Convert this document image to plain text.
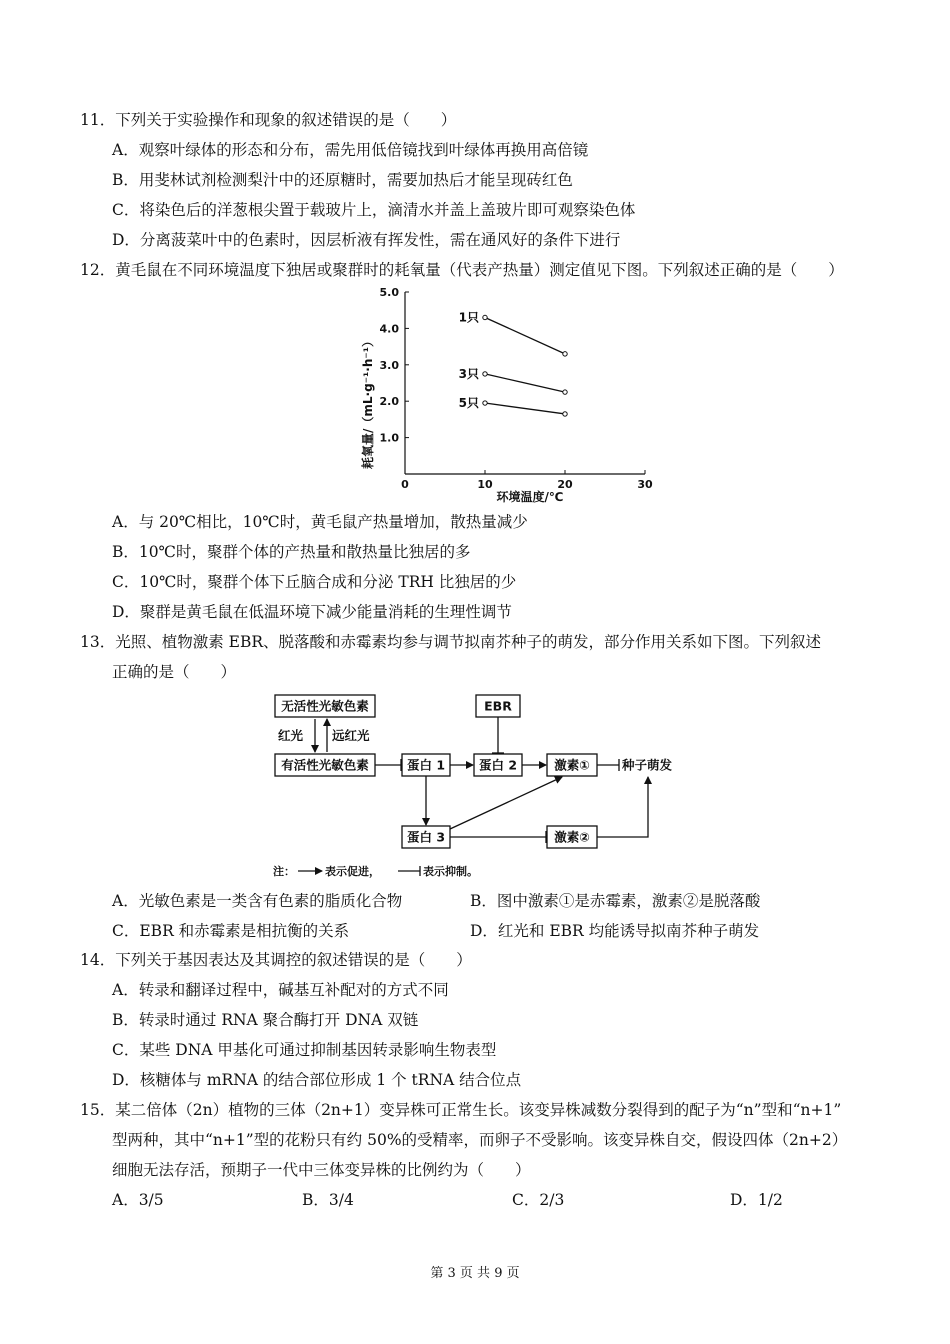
11．下列关于实验操作和现象的叙述错误的是（　　）
A．观察叶绿体的形态和分布，需先用低倍镜找到叶绿体再换用高倍镜
B．用斐林试剂检测梨汁中的还原糖时，需要加热后才能呈现砖红色
C．将染色后的洋葱根尖置于载玻片上，滴清水并盖上盖玻片即可观察染色体
D．分离菠菜叶中的色素时，因层析液有挥发性，需在通风好的条件下进行
12．黄毛鼠在不同环境温度下独居或聚群时的耗氧量（代表产热量）测定值见下图。下列叙述正确的是（　　）
1.0
2.0
3.0
4.0
5.0
0	10	20	30
1只
3只
5只
耗氧量/（mL·g⁻¹·h⁻¹）
环境温度/℃
A．与 20℃相比，10℃时，黄毛鼠产热量增加，散热量减少
B．10℃时，聚群个体的产热量和散热量比独居的多
C．10℃时，聚群个体下丘脑合成和分泌 TRH 比独居的少
D．聚群是黄毛鼠在低温环境下减少能量消耗的生理性调节
13．光照、植物激素 EBR、脱落酸和赤霉素均参与调节拟南芥种子的萌发，部分作用关系如下图。下列叙述
正确的是（　　）
无活性光敏色素
有活性光敏色素
EBR
蛋白 1	蛋白 2	激素①
蛋白 3	激素②
种子萌发
红光 远红光
注：	表示促进，	表示抑制。
A．光敏色素是一类含有色素的脂质化合物	B．图中激素①是赤霉素，激素②是脱落酸
C．EBR 和赤霉素是相抗衡的关系	D．红光和 EBR 均能诱导拟南芥种子萌发
14．下列关于基因表达及其调控的叙述错误的是（　　）
A．转录和翻译过程中，碱基互补配对的方式不同
B．转录时通过 RNA 聚合酶打开 DNA 双链
C．某些 DNA 甲基化可通过抑制基因转录影响生物表型
D．核糖体与 mRNA 的结合部位形成 1 个 tRNA 结合位点
15．某二倍体（2n）植物的三体（2n+1）变异株可正常生长。该变异株减数分裂得到的配子为“n”型和“n+1”
型两种，其中“n+1”型的花粉只有约 50%的受精率，而卵子不受影响。该变异株自交，假设四体（2n+2）
细胞无法存活，预期子一代中三体变异株的比例约为（　　）
A．3/5	B．3/4	C．2/3	D．1/2
第 3 页 共 9 页
